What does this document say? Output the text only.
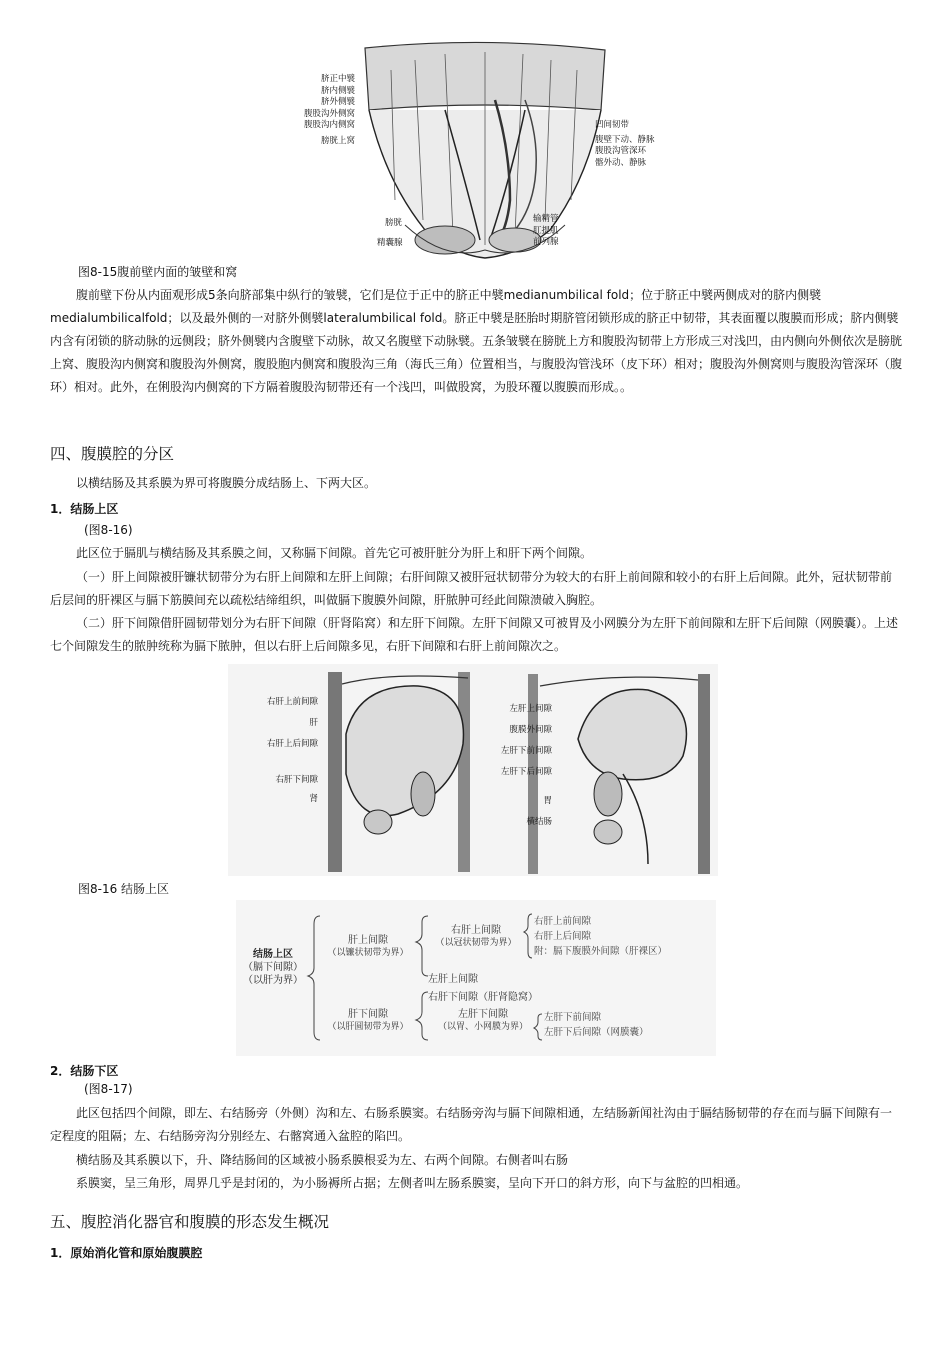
脐正中襞
脐内侧襞
脐外侧襞
腹股沟外侧窝
腹股沟内侧窝
膀胱上窝
膀胱
精囊腺
凹间韧带
腹壁下动、静脉
腹股沟管深环
髂外动、静脉
输精管
肛提肌
前列腺

图8-15腹前壁内面的皱壁和窝

腹前壁下份从内面观形成5条向脐部集中纵行的皱襞，它们是位于正中的脐正中襞medianumbilical fold；位于脐正中襞两侧成对的脐内侧襞medialumbilicalfold；以及最外侧的一对脐外侧襞lateralumbilical fold。脐正中襞是胚胎时期脐管闭锁形成的脐正中韧带，其表面覆以腹膜而形成；脐内侧襞内含有闭锁的脐动脉的远侧段；脐外侧襞内含腹壁下动脉，故又名腹壁下动脉襞。五条皱襞在膀胱上方和腹股沟韧带上方形成三对浅凹，由内侧向外侧依次是膀胱上窝、腹股沟内侧窝和腹股沟外侧窝，腹股胞内侧窝和腹股沟三角（海氏三角）位置相当，与腹股沟管浅环（皮下环）相对；腹股沟外侧窝则与腹股沟管深环（腹环）相对。此外，在俐股沟内侧窝的下方隔着腹股沟韧带还有一个浅凹，叫做股窝，为股环覆以腹膜而形成。。

四、腹膜腔的分区

以横结肠及其系膜为界可将腹膜分成结肠上、下两大区。

1．结肠上区

(图8-16)

此区位于膈肌与横结肠及其系膜之间，又称膈下间隙。首先它可被肝脏分为肝上和肝下两个间隙。

（一）肝上间隙被肝镰状韧带分为右肝上间隙和左肝上间隙；右肝间隙又被肝冠状韧带分为较大的右肝上前间隙和较小的右肝上后间隙。此外，冠状韧带前后层间的肝裸区与膈下筋膜间充以疏松结缔组织，叫做膈下腹膜外间隙，肝脓肿可经此间隙溃破入胸腔。

（二）肝下间隙借肝圆韧带划分为右肝下间隙（肝肾陷窝）和左肝下间隙。左肝下间隙又可被胃及小网膜分为左肝下前间隙和左肝下后间隙（网膜囊）。上述七个间隙发生的脓肿统称为膈下脓肿，但以右肝上后间隙多见，右肝下间隙和右肝上前间隙次之。

右肝上前间隙
肝
右肝上后间隙
右肝下间隙
肾
左肝上间隙
腹膜外间隙
左肝下前间隙
左肝下后间隙
胃
横结肠

图8-16 结肠上区

结肠上区
（膈下间隙）
（以肝为界）
肝上间隙
（以镰状韧带为界）
右肝上间隙
（以冠状韧带为界）
右肝上前间隙
右肝上后间隙
附：膈下腹膜外间隙（肝裸区）
左肝上间隙
肝下间隙
（以肝圆韧带为界）
右肝下间隙（肝肾隐窝）
左肝下间隙
（以胃、小网膜为界）
左肝下前间隙
左肝下后间隙（网膜囊）
2．结肠下区

(图8-17)

此区包括四个间隙，即左、右结肠旁（外侧）沟和左、右肠系膜窦。右结肠旁沟与膈下间隙相通，左结肠新闻社沟由于膈结肠韧带的存在而与膈下间隙有一定程度的阻隔；左、右结肠旁沟分别经左、右髂窝通入盆腔的陷凹。

横结肠及其系膜以下，升、降结肠间的区域被小肠系膜根妥为左、右两个间隙。右侧者叫右肠

系膜窦，呈三角形，周界几乎是封闭的，为小肠褥所占据；左侧者叫左肠系膜窦，呈向下开口的斜方形，向下与盆腔的凹相通。

五、腹腔消化器官和腹膜的形态发生概况
1．原始消化管和原始腹膜腔
